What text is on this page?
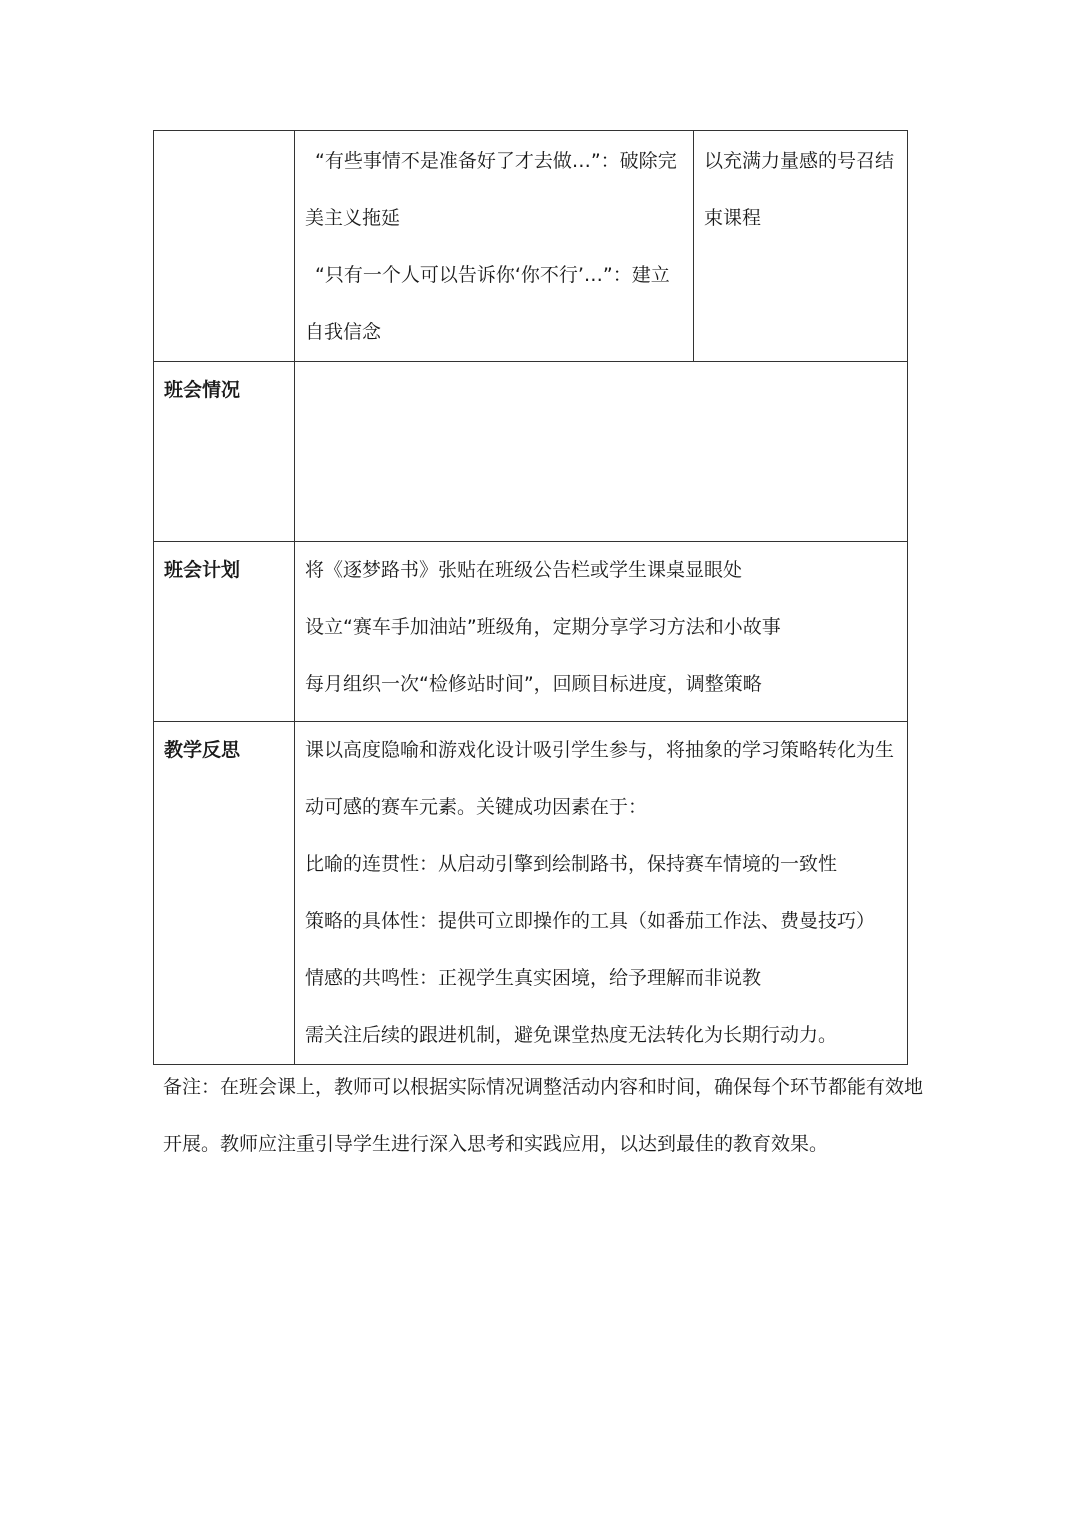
	“有些事情不是准备好了才去做…”：破除完美主义拖延

“只有一个人可以告诉你‘你不行’…”：建立自我信念	以充满力量感的号召结束课程
班会情况		
班会计划	将《逐梦路书》张贴在班级公告栏或学生课桌显眼处

设立“赛车手加油站”班级角，定期分享学习方法和小故事

每月组织一次“检修站时间”，回顾目标进度，调整策略	

教学反思	课以高度隐喻和游戏化设计吸引学生参与，将抽象的学习策略转化为生动可感的赛车元素。关键成功因素在于：

比喻的连贯性：从启动引擎到绘制路书，保持赛车情境的一致性

策略的具体性：提供可立即操作的工具（如番茄工作法、费曼技巧）

情感的共鸣性：正视学生真实困境，给予理解而非说教

需关注后续的跟进机制，避免课堂热度无法转化为长期行动力。	

备注：在班会课上，教师可以根据实际情况调整活动内容和时间，确保每个环节都能有效地开展。教师应注重引导学生进行深入思考和实践应用，以达到最佳的教育效果。
